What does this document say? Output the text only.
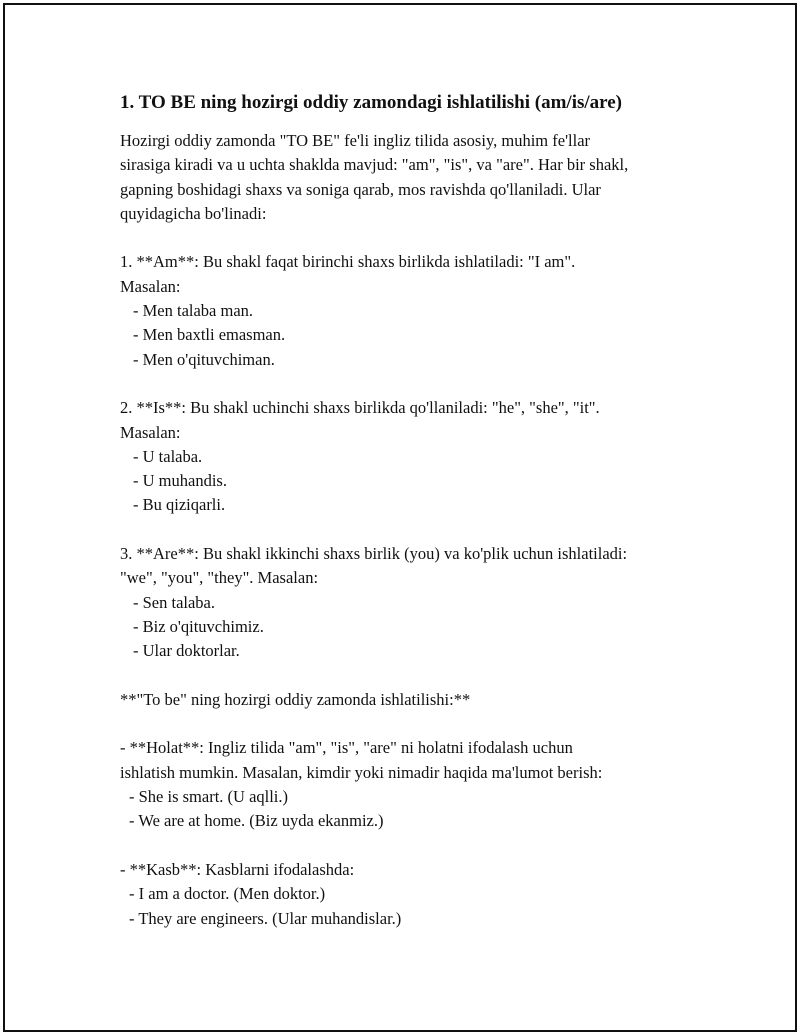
1. TO BE ning hozirgi oddiy zamondagi ishlatilishi (am/is/are)
Hozirgi oddiy zamonda "TO BE" fe'li ingliz tilida asosiy, muhim fe'llar
sirasiga kiradi va u uchta shaklda mavjud: "am", "is", va "are". Har bir shakl,
gapning boshidagi shaxs va soniga qarab, mos ravishda qo'llaniladi. Ular
quyidagicha bo'linadi:
1. **Am**: Bu shakl faqat birinchi shaxs birlikda ishlatiladi: "I am".
Masalan:
- Men talaba man.
- Men baxtli emasman.
- Men o'qituvchiman.
2. **Is**: Bu shakl uchinchi shaxs birlikda qo'llaniladi: "he", "she", "it".
Masalan:
- U talaba.
- U muhandis.
- Bu qiziqarli.
3. **Are**: Bu shakl ikkinchi shaxs birlik (you) va ko'plik uchun ishlatiladi:
"we", "you", "they". Masalan:
- Sen talaba.
- Biz o'qituvchimiz.
- Ular doktorlar.
**"To be" ning hozirgi oddiy zamonda ishlatilishi:**
- **Holat**: Ingliz tilida "am", "is", "are" ni holatni ifodalash uchun
ishlatish mumkin. Masalan, kimdir yoki nimadir haqida ma'lumot berish:
- She is smart. (U aqlli.)
- We are at home. (Biz uyda ekanmiz.)
- **Kasb**: Kasblarni ifodalashda:
- I am a doctor. (Men doktor.)
- They are engineers. (Ular muhandislar.)
